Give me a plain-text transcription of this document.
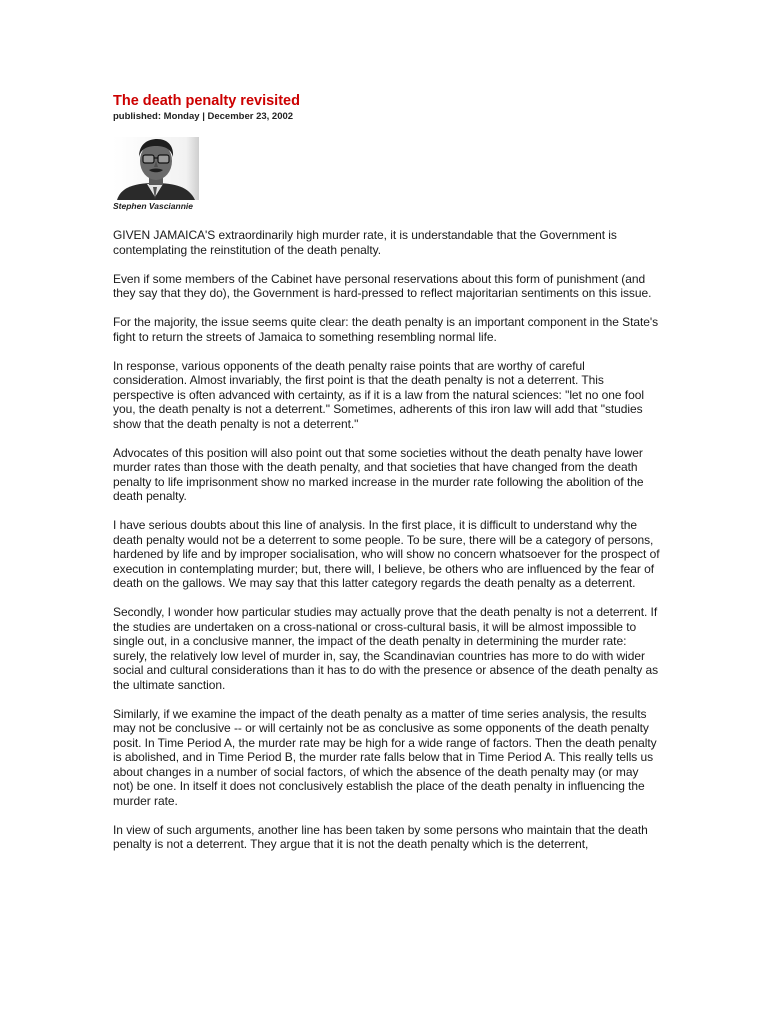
The death penalty revisited
published: Monday | December 23, 2002
Stephen Vasciannie

GIVEN JAMAICA'S extraordinarily high murder rate, it is understandable that the Government is contemplating the reinstitution of the death penalty.

Even if some members of the Cabinet have personal reservations about this form of punishment (and they say that they do), the Government is hard-pressed to reflect majoritarian sentiments on this issue.

For the majority, the issue seems quite clear: the death penalty is an important component in the State's fight to return the streets of Jamaica to something resembling normal life.

In response, various opponents of the death penalty raise points that are worthy of careful consideration. Almost invariably, the first point is that the death penalty is not a deterrent. This perspective is often advanced with certainty, as if it is a law from the natural sciences: "let no one fool you, the death penalty is not a deterrent." Sometimes, adherents of this iron law will add that "studies show that the death penalty is not a deterrent."

Advocates of this position will also point out that some societies without the death penalty have lower murder rates than those with the death penalty, and that societies that have changed from the death penalty to life imprisonment show no marked increase in the murder rate following the abolition of the death penalty.

I have serious doubts about this line of analysis. In the first place, it is difficult to understand why the death penalty would not be a deterrent to some people. To be sure, there will be a category of persons, hardened by life and by improper socialisation, who will show no concern whatsoever for the prospect of execution in contemplating murder; but, there will, I believe, be others who are influenced by the fear of death on the gallows. We may say that this latter category regards the death penalty as a deterrent.

Secondly, I wonder how particular studies may actually prove that the death penalty is not a deterrent. If the studies are undertaken on a cross-national or cross-cultural basis, it will be almost impossible to single out, in a conclusive manner, the impact of the death penalty in determining the murder rate: surely, the relatively low level of murder in, say, the Scandinavian countries has more to do with wider social and cultural considerations than it has to do with the presence or absence of the death penalty as the ultimate sanction.

Similarly, if we examine the impact of the death penalty as a matter of time series analysis, the results may not be conclusive -- or will certainly not be as conclusive as some opponents of the death penalty posit. In Time Period A, the murder rate may be high for a wide range of factors. Then the death penalty is abolished, and in Time Period B, the murder rate falls below that in Time Period A. This really tells us about changes in a number of social factors, of which the absence of the death penalty may (or may not) be one. In itself it does not conclusively establish the place of the death penalty in influencing the murder rate.

In view of such arguments, another line has been taken by some persons who maintain that the death penalty is not a deterrent. They argue that it is not the death penalty which is the deterrent,
